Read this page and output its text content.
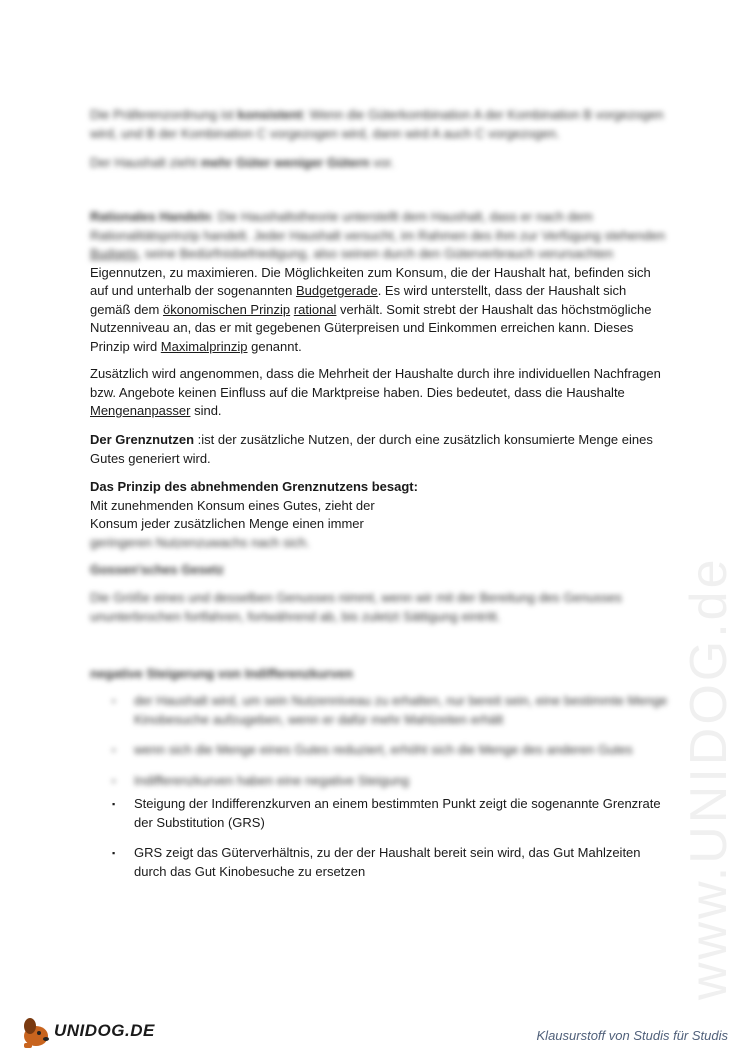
www.UNIDOG.de

Die Präferenzordnung ist konsistent: Wenn die Güterkombination A der Kombination B vorgezogen wird, und B der Kombination C vorgezogen wird, dann wird A auch C vorgezogen.

Der Haushalt zieht mehr Güter weniger Gütern vor.

Rationales Handeln: Die Haushaltstheorie unterstellt dem Haushalt, dass er nach dem Rationalitätsprinzip handelt. Jeder Haushalt versucht, im Rahmen des ihm zur Verfügung stehenden Budgets, seine Bedürfnisbefriedigung, also seinen durch den Güterverbrauch verursachten Eigennutzen, zu maximieren. Die Möglichkeiten zum Konsum, die der Haushalt hat, befinden sich auf und unterhalb der sogenannten Budgetgerade. Es wird unterstellt, dass der Haushalt sich gemäß dem ökonomischen Prinzip rational verhält. Somit strebt der Haushalt das höchstmögliche Nutzenniveau an, das er mit gegebenen Güterpreisen und Einkommen erreichen kann. Dieses Prinzip wird Maximalprinzip genannt.

Zusätzlich wird angenommen, dass die Mehrheit der Haushalte durch ihre individuellen Nachfragen bzw. Angebote keinen Einfluss auf die Marktpreise haben. Dies bedeutet, dass die Haushalte Mengenanpasser sind.

Der Grenznutzen :ist der zusätzliche Nutzen, der durch eine zusätzlich konsumierte Menge eines Gutes generiert wird.

Das Prinzip des abnehmenden Grenznutzens besagt:
Mit zunehmenden Konsum eines Gutes, zieht der
Konsum jeder zusätzlichen Menge einen immer
geringeren Nutzenzuwachs nach sich.
Gossen'sches Gesetz

Die Größe eines und desselben Genusses nimmt, wenn wir mit der Bereitung des Genusses ununterbrochen fortfahren, fortwährend ab, bis zuletzt Sättigung eintritt.

negative Steigerung von Indifferenzkurven
▪ der Haushalt wird, um sein Nutzenniveau zu erhalten, nur bereit sein, eine bestimmte Menge Kinobesuche aufzugeben, wenn er dafür mehr Mahlzeiten erhält
▪ wenn sich die Menge eines Gutes reduziert, erhöht sich die Menge des anderen Gutes
▪ Indifferenzkurven haben eine negative Steigung
▪ Steigung der Indifferenzkurven an einem bestimmten Punkt zeigt die sogenannte Grenzrate der Substitution (GRS)
▪ GRS zeigt das Güterverhältnis, zu der der Haushalt bereit sein wird, das Gut Mahlzeiten durch das Gut Kinobesuche zu ersetzen
UNIDOG.DE	Klausurstoff von Studis für Studis
